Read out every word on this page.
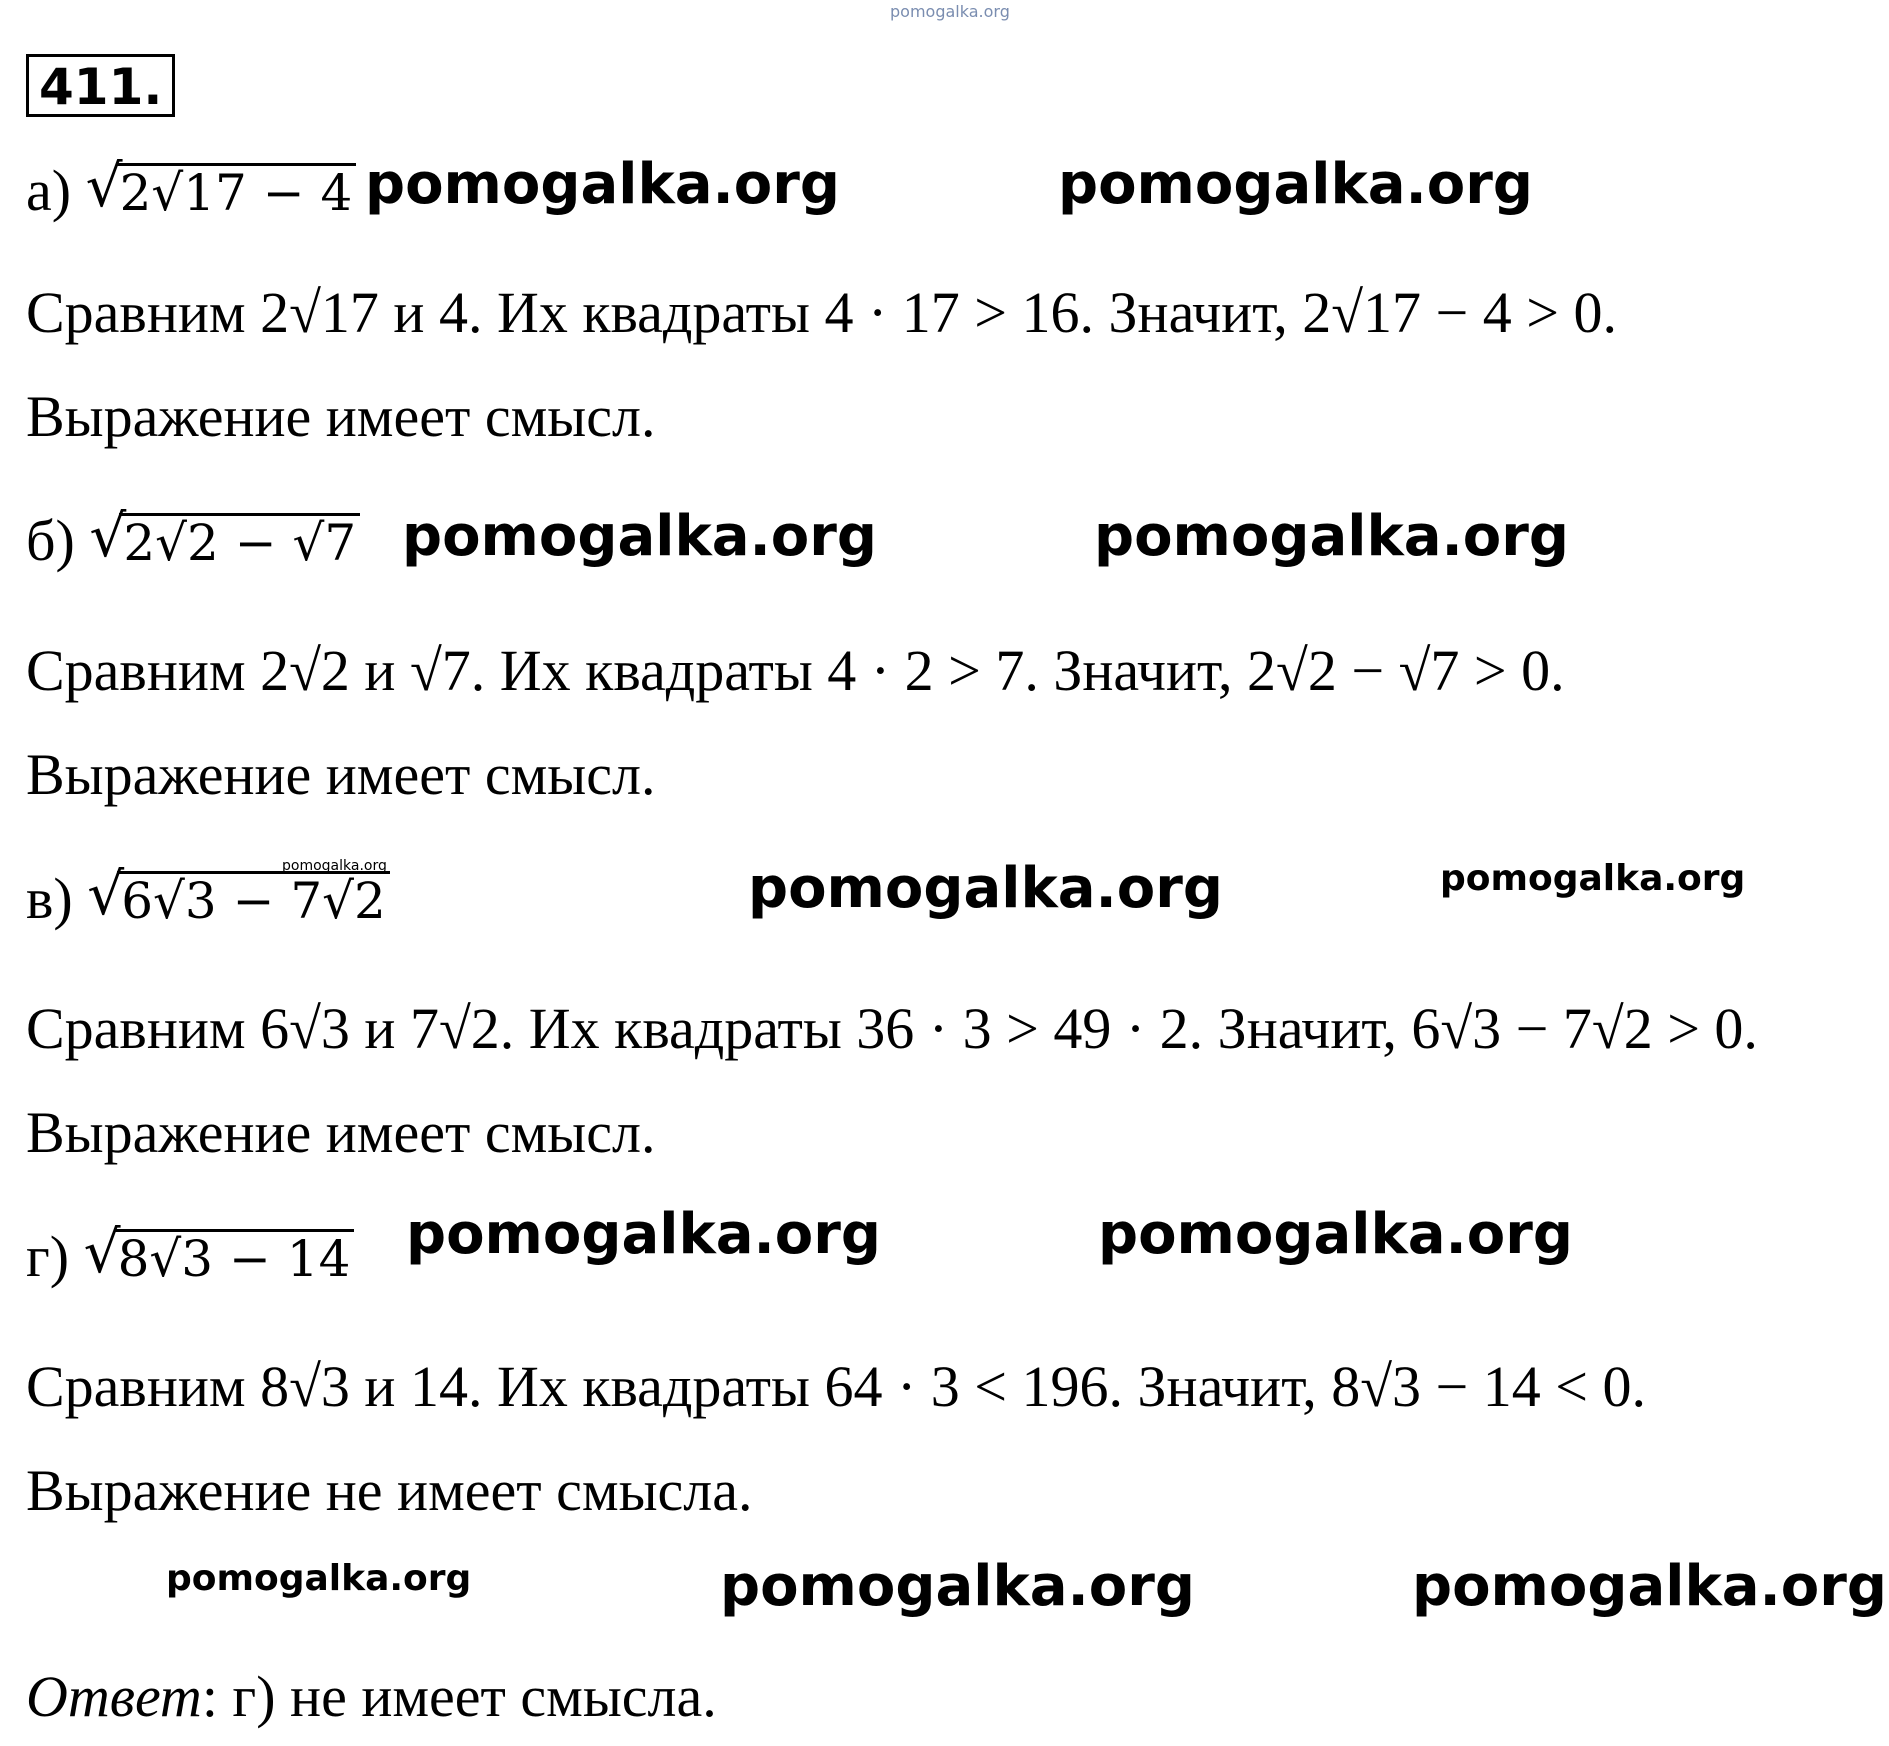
pomogalka.org
411.
а) √ 2√17 − 4 pomogalka.org	pomogalka.org
Сравним 2√17 и 4. Их квадраты 4 · 17 > 16. Значит, 2√17 − 4 > 0.
Выражение имеет смысл.
б) √ 2√2 − √7 pomogalka.org	pomogalka.org
Сравним 2√2 и √7. Их квадраты 4 · 2 > 7. Значит, 2√2 − √7 > 0.
Выражение имеет смысл.
в) √ 6√3 − 7√2
pomogalka.org	pomogalka.org	pomogalka.org
Сравним 6√3 и 7√2. Их квадраты 36 · 3 > 49 · 2. Значит, 6√3 − 7√2 > 0.
Выражение имеет смысл.
г) √ 8√3 − 14 pomogalka.org	pomogalka.org
Сравним 8√3 и 14. Их квадраты 64 · 3 < 196. Значит, 8√3 − 14 < 0.
Выражение не имеет смысла.
pomogalka.org	pomogalka.org	pomogalka.org
Ответ: г) не имеет смысла.
